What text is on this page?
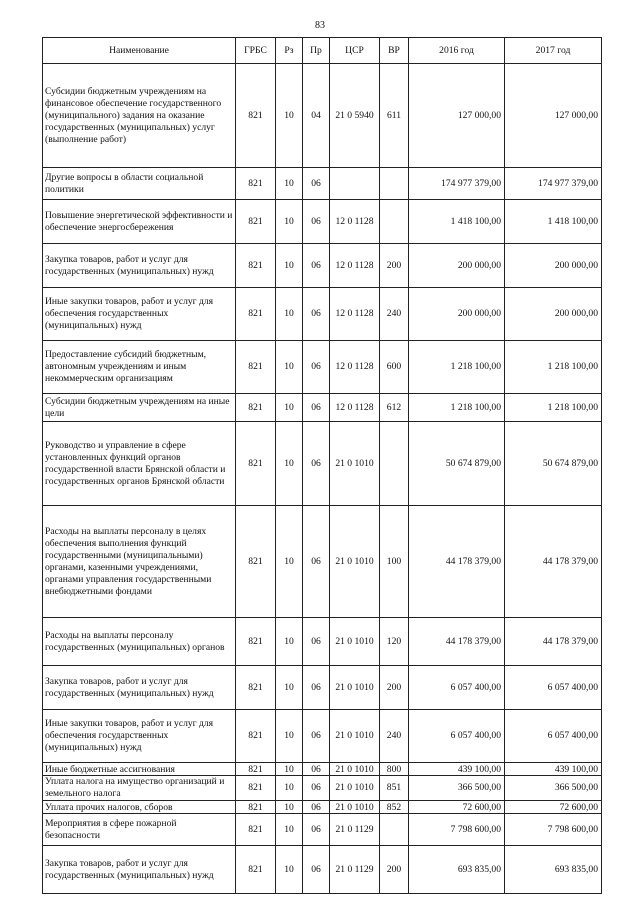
83
Наименование	ГРБС	Рз	Пр	ЦСР	ВР	2016 год	2017 год
Субсидии бюджетным учреждениям на финансовое обеспечение государственного (муниципального) задания на оказание государственных (муниципальных) услуг (выполнение работ)	821	10	04	21 0 5940	611	127 000,00	127 000,00
Другие вопросы в области социальной политики	821	10	06			174 977 379,00	174 977 379,00
Повышение энергетической эффективности и обеспечение энергосбережения	821	10	06	12 0 1128		1 418 100,00	1 418 100,00
Закупка товаров, работ и услуг для государственных (муниципальных) нужд	821	10	06	12 0 1128	200	200 000,00	200 000,00
Иные закупки товаров, работ и услуг для обеспечения государственных (муниципальных) нужд	821	10	06	12 0 1128	240	200 000,00	200 000,00
Предоставление субсидий бюджетным, автономным учреждениям и иным некоммерческим организациям	821	10	06	12 0 1128	600	1 218 100,00	1 218 100,00
Субсидии бюджетным учреждениям на иные цели	821	10	06	12 0 1128	612	1 218 100,00	1 218 100,00
Руководство и управление в сфере установленных функций органов государственной власти Брянской области и государственных органов Брянской области	821	10	06	21 0 1010		50 674 879,00	50 674 879,00
Расходы на выплаты персоналу в целях обеспечения выполнения функций государственными (муниципальными) органами, казенными учреждениями, органами управления государственными внебюджетными фондами	821	10	06	21 0 1010	100	44 178 379,00	44 178 379,00
Расходы на выплаты персоналу государственных (муниципальных) органов	821	10	06	21 0 1010	120	44 178 379,00	44 178 379,00
Закупка товаров, работ и услуг для государственных (муниципальных) нужд	821	10	06	21 0 1010	200	6 057 400,00	6 057 400,00
Иные закупки товаров, работ и услуг для обеспечения государственных (муниципальных) нужд	821	10	06	21 0 1010	240	6 057 400,00	6 057 400,00
Иные бюджетные ассигнования	821	10	06	21 0 1010	800	439 100,00	439 100,00
Уплата налога на имущество организаций и земельного налога	821	10	06	21 0 1010	851	366 500,00	366 500,00
Уплата прочих налогов, сборов	821	10	06	21 0 1010	852	72 600,00	72 600,00
Мероприятия в сфере пожарной безопасности	821	10	06	21 0 1129		7 798 600,00	7 798 600,00
Закупка товаров, работ и услуг для государственных (муниципальных) нужд	821	10	06	21 0 1129	200	693 835,00	693 835,00
